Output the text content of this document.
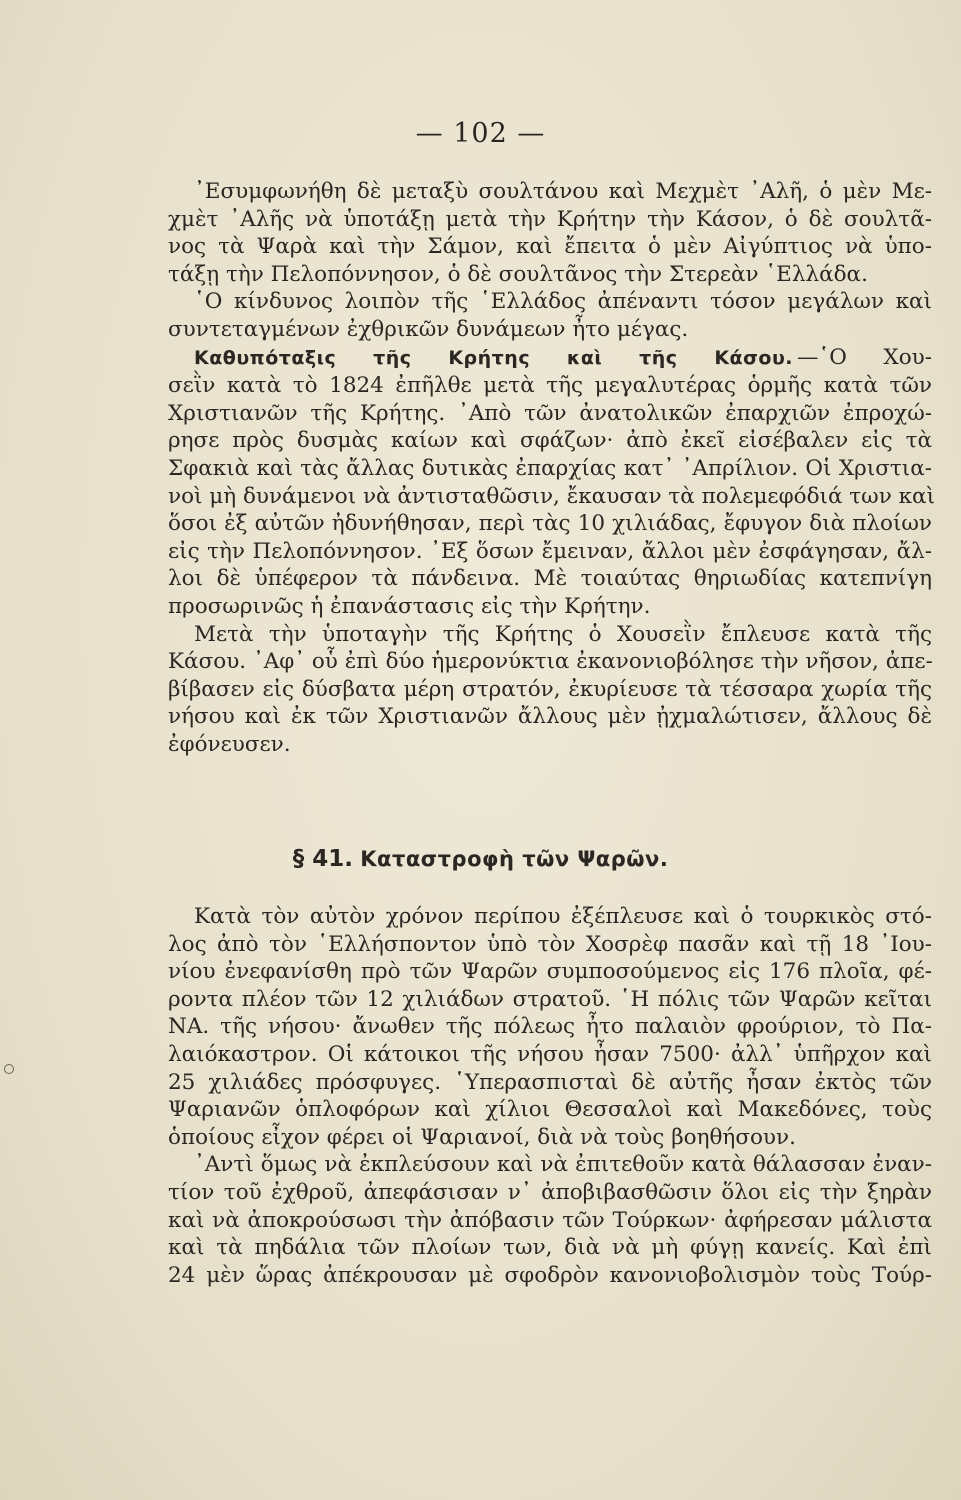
— 102 —
᾿Εσυμφωνήθη δὲ μεταξὺ σουλτάνου καὶ Μεχμὲτ ᾿Αλῆ, ὁ μὲν Με-
χμὲτ ᾿Αλῆς νὰ ὑποτάξῃ μετὰ τὴν Κρήτην τὴν Κάσον, ὁ δὲ σουλτᾶ-
νος τὰ Ψαρὰ καὶ τὴν Σάμον, καὶ ἔπειτα ὁ μὲν Αἰγύπτιος νὰ ὑπο-
τάξῃ τὴν Πελοπόννησον, ὁ δὲ σουλτᾶνος τὴν Στερεὰν ῾Ελλάδα.
῾Ο κίνδυνος λοιπὸν τῆς ῾Ελλάδος ἀπέναντι τόσον μεγάλων καὶ
συντεταγμένων ἐχθρικῶν δυνάμεων ἦτο μέγας.
Καθυπόταξις τῆς Κρήτης καὶ τῆς Κάσου. —῾Ο Χου-
σεῒν κατὰ τὸ 1824 ἐπῆλθε μετὰ τῆς μεγαλυτέρας ὁρμῆς κατὰ τῶν
Χριστιανῶν τῆς Κρήτης. ᾿Απὸ τῶν ἀνατολικῶν ἐπαρχιῶν ἐπροχώ-
ρησε πρὸς δυσμὰς καίων καὶ σφάζων· ἀπὸ ἐκεῖ εἰσέβαλεν εἰς τὰ
Σφακιὰ καὶ τὰς ἄλλας δυτικὰς ἐπαρχίας κατ᾿ ᾿Απρίλιον. Οἱ Χριστια-
νοὶ μὴ δυνάμενοι νὰ ἀντισταθῶσιν, ἔκαυσαν τὰ πολεμεφόδιά των καὶ
ὅσοι ἐξ αὐτῶν ἠδυνήθησαν, περὶ τὰς 10 χιλιάδας, ἔφυγον διὰ πλοίων
εἰς τὴν Πελοπόννησον. ᾿Εξ ὅσων ἔμειναν, ἄλλοι μὲν ἐσφάγησαν, ἄλ-
λοι δὲ ὑπέφερον τὰ πάνδεινα. Μὲ τοιαύτας θηριωδίας κατεπνίγη
προσωρινῶς ἡ ἐπανάστασις εἰς τὴν Κρήτην.
Μετὰ τὴν ὑποταγὴν τῆς Κρήτης ὁ Χουσεῒν ἔπλευσε κατὰ τῆς
Κάσου. ᾿Αφ᾿ οὗ ἐπὶ δύο ἡμερονύκτια ἐκανονιοβόλησε τὴν νῆσον, ἀπε-
βίβασεν εἰς δύσβατα μέρη στρατόν, ἐκυρίευσε τὰ τέσσαρα χωρία τῆς
νήσου καὶ ἐκ τῶν Χριστιανῶν ἄλλους μὲν ᾐχμαλώτισεν, ἄλλους δὲ
ἐφόνευσεν.
§ 41. Καταστροφὴ τῶν Ψαρῶν.
Κατὰ τὸν αὐτὸν χρόνον περίπου ἐξέπλευσε καὶ ὁ τουρκικὸς στό-
λος ἀπὸ τὸν ῾Ελλήσποντον ὑπὸ τὸν Χοσρὲφ πασᾶν καὶ τῇ 18 ᾿Ιου-
νίου ἐνεφανίσθη πρὸ τῶν Ψαρῶν συμποσούμενος εἰς 176 πλοῖα, φέ-
ροντα πλέον τῶν 12 χιλιάδων στρατοῦ. ῾Η πόλις τῶν Ψαρῶν κεῖται
ΝΑ. τῆς νήσου· ἄνωθεν τῆς πόλεως ἦτο παλαιὸν φρούριον, τὸ Πα-
λαιόκαστρον. Οἱ κάτοικοι τῆς νήσου ἦσαν 7500· ἀλλ᾿ ὑπῆρχον καὶ
25 χιλιάδες πρόσφυγες. ῾Υπερασπισταὶ δὲ αὐτῆς ἦσαν ἐκτὸς τῶν
Ψαριανῶν ὁπλοφόρων καὶ χίλιοι Θεσσαλοὶ καὶ Μακεδόνες, τοὺς
ὁποίους εἶχον φέρει οἱ Ψαριανοί, διὰ νὰ τοὺς βοηθήσουν.
᾿Αντὶ ὅμως νὰ ἐκπλεύσουν καὶ νὰ ἐπιτεθοῦν κατὰ θάλασσαν ἐναν-
τίον τοῦ ἐχθροῦ, ἀπεφάσισαν ν᾿ ἀποβιβασθῶσιν ὅλοι εἰς τὴν ξηρὰν
καὶ νὰ ἀποκρούσωσι τὴν ἀπόβασιν τῶν Τούρκων· ἀφήρεσαν μάλιστα
καὶ τὰ πηδάλια τῶν πλοίων των, διὰ νὰ μὴ φύγῃ κανείς. Καὶ ἐπὶ
24 μὲν ὥρας ἀπέκρουσαν μὲ σφοδρὸν κανονιοβολισμὸν τοὺς Τούρ-
